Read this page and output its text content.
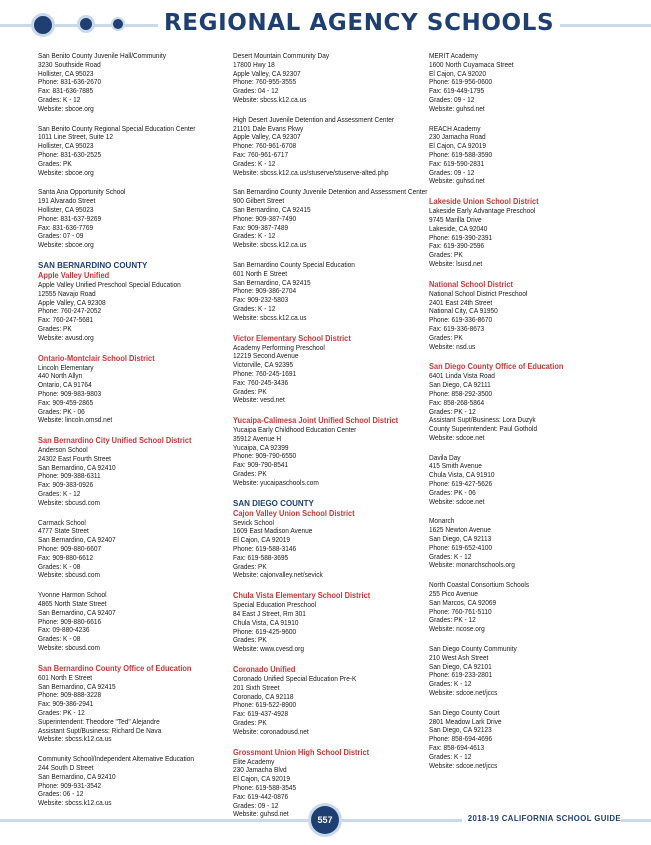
REGIONAL AGENCY SCHOOLS
San Benito County Juvenile Hall/Community
3230 Southside Road
Hollister, CA 95023
Phone: 831-636-2670
Fax: 831-636-7885
Grades: K - 12
Website: sbcoe.org
San Benito County Regional Special Education Center
1011 Line Street, Suite 12
Hollister, CA 95023
Phone: 831-630-2525
Grades: PK
Website: sbcoe.org
Santa Ana Opportunity School
191 Alvarado Street
Hollister, CA 95023
Phone: 831-637-9269
Fax: 831-636-7769
Grades: 07 - 09
Website: sbcoe.org
SAN BERNARDINO COUNTY
Apple Valley Unified
Apple Valley Unified Preschool Special Education
12555 Navajo Road
Apple Valley, CA 92308
Phone: 760-247-2052
Fax: 760-247-5681
Grades: PK
Website: avusd.org
Ontario-Montclair School District
Lincoln Elementary
440 North Allyn
Ontario, CA 91764
Phone: 909-983-9803
Fax: 909-459-2865
Grades: PK - 06
Website: lincoln.omsd.net
San Bernardino City Unified School District
Anderson School
24302 East Fourth Street
San Bernardino, CA 92410
Phone: 909-388-6311
Fax: 909-383-0926
Grades: K - 12
Website: sbcusd.com
Carmack School
4777 State Street
San Bernardino, CA 92407
Phone: 909-880-6607
Fax: 909-880-6612
Grades: K - 08
Website: sbcusd.com
Yvonne Harmon School
4865 North State Street
San Bernardino, CA 92407
Phone: 909-880-6616
Fax: 09-880-4236
Grades: K - 08
Website: sbcusd.com
San Bernardino County Office of Education
601 North E Street
San Bernardino, CA 92415
Phone: 909-888-3228
Fax: 909-386-2941
Grades: PK - 12
Superintendent: Theodore "Ted" Alejandre
Assistant Supt/Business: Richard De Nava
Website: sbcss.k12.ca.us
Community School/Independent Alternative Education
244 South D Street
San Bernardino, CA 92410
Phone: 909-931-3542
Grades: 06 - 12
Website: sbcss.k12.ca.us
Desert Mountain Community Day
17800 Hwy 18
Apple Valley, CA 92307
Phone: 760-955-3555
Grades: 04 - 12
Website: sbcss.k12.ca.us
High Desert Juvenile Detention and Assessment Center
21101 Dale Evans Pkwy
Apple Valley, CA 92307
Phone: 760-961-6708
Fax: 760-961-6717
Grades: K - 12
Website: sbcss.k12.ca.us/stuserve/stuserve-alted.php
San Bernardino County Juvenile Detention and Assessment Center
900 Gilbert Street
San Bernardino, CA 92415
Phone: 909-387-7490
Fax: 909-387-7489
Grades: K - 12
Website: sbcss.k12.ca.us
San Bernardino County Special Education
601 North E Street
San Bernardino, CA 92415
Phone: 909-386-2704
Fax: 909-232-5803
Grades: K - 12
Website: sbcss.k12.ca.us
Victor Elementary School District
Academy Performing Preschool
12219 Second Avenue
Victorville, CA 92395
Phone: 760-245-1691
Fax: 760-245-3436
Grades: PK
Website: vesd.net
Yucaipa-Calimesa Joint Unified School District
Yucaipa Early Childhood Education Center
35912 Avenue H
Yucaipa, CA 92399
Phone: 909-790-6550
Fax: 909-790-8541
Grades: PK
Website: yucaipaschools.com
SAN DIEGO COUNTY
Cajon Valley Union School District
Sevick School
1609 East Madison Avenue
El Cajon, CA 92019
Phone: 619-588-3146
Fax: 619-588-3695
Grades: PK
Website: cajonvalley.net/sevick
Chula Vista Elementary School District
Special Education Preschool
84 East J Street, Rm 301
Chula Vista, CA 91910
Phone: 619-425-9600
Grades: PK
Website: www.cvesd.org
Coronado Unified
Coronado Unified Special Education Pre-K
201 Sixth Street
Coronado, CA 92118
Phone: 619-522-8900
Fax: 619-437-4928
Grades: PK
Website: coronadousd.net
Grossmont Union High School District
Elite Academy
230 Jamacha Blvd
El Cajon, CA 92019
Phone: 619-588-3545
Fax: 619-442-0876
Grades: 09 - 12
Website: guhsd.net
MERIT Academy
1600 North Cuyamaca Street
El Cajon, CA 92020
Phone: 619-956-0600
Fax: 619-449-1795
Grades: 09 - 12
Website: guhsd.net
REACH Academy
230 Jamacha Road
El Cajon, CA 92019
Phone: 619-588-3590
Fax: 619-590-2831
Grades: 09 - 12
Website: guhsd.net
Lakeside Union School District
Lakeside Early Advantage Preschool
9745 Marilla Drive
Lakeside, CA 92040
Phone: 619-390-2391
Fax: 619-390-2596
Grades: PK
Website: lsusd.net
National School District
National School District Preschool
2401 East 24th Street
National City, CA 91950
Phone: 619-336-8670
Fax: 619-336-8673
Grades: PK
Website: nsd.us
San Diego County Office of Education
6401 Linda Vista Road
San Diego, CA 92111
Phone: 858-292-3500
Fax: 858-268-5864
Grades: PK - 12
Assistant Supt/Business: Lora Duzyk
County Superintendent: Paul Gothold
Website: sdcoe.net
Davila Day
415 Smith Avenue
Chula Vista, CA 91910
Phone: 619-427-5626
Grades: PK - 06
Website: sdcoe.net
Monarch
1625 Newton Avenue
San Diego, CA 92113
Phone: 619-652-4100
Grades: K - 12
Website: monarchschools.org
North Coastal Consortium Schools
255 Pico Avenue
San Marcos, CA 92069
Phone: 760-761-5110
Grades: PK - 12
Website: ncose.org
San Diego County Community
210 West Ash Street
San Diego, CA 92101
Phone: 619-233-2801
Grades: K - 12
Website: sdcoe.net/jccs
San Diego County Court
2801 Meadow Lark Drive
San Diego, CA 92123
Phone: 858-694-4696
Fax: 858-694-4613
Grades: K - 12
Website: sdcoe.net/jccs
557	2018-19 CALIFORNIA SCHOOL GUIDE
